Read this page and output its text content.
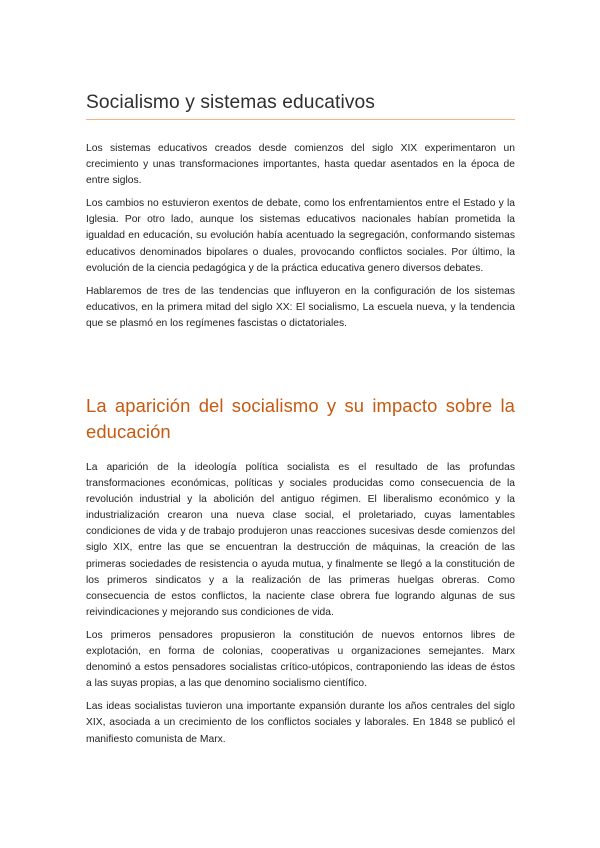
Socialismo y sistemas educativos

Los sistemas educativos creados desde comienzos del siglo XIX experimentaron un crecimiento y unas transformaciones importantes, hasta quedar asentados en la época de entre siglos.

Los cambios no estuvieron exentos de debate, como los enfrentamientos entre el Estado y la Iglesia. Por otro lado, aunque los sistemas educativos nacionales habían prometida la igualdad en educación, su evolución había acentuado la segregación, conformando sistemas educativos denominados bipolares o duales, provocando conflictos sociales. Por último, la evolución de la ciencia pedagógica y de la práctica educativa genero diversos debates.

Hablaremos de tres de las tendencias que influyeron en la configuración de los sistemas educativos, en la primera mitad del siglo XX: El socialismo, La escuela nueva, y la tendencia que se plasmó en los regímenes fascistas o dictatoriales.

La aparición del socialismo y su impacto sobre la educación

La aparición de la ideología política socialista es el resultado de las profundas transformaciones económicas, políticas y sociales producidas como consecuencia de la revolución industrial y la abolición del antiguo régimen. El liberalismo económico y la industrialización crearon una nueva clase social, el proletariado, cuyas lamentables condiciones de vida y de trabajo produjeron unas reacciones sucesivas desde comienzos del siglo XIX, entre las que se encuentran la destrucción de máquinas, la creación de las primeras sociedades de resistencia o ayuda mutua, y finalmente se llegó a la constitución de los primeros sindicatos y a la realización de las primeras huelgas obreras. Como consecuencia de estos conflictos, la naciente clase obrera fue logrando algunas de sus reivindicaciones y mejorando sus condiciones de vida.

Los primeros pensadores propusieron la constitución de nuevos entornos libres de explotación, en forma de colonias, cooperativas u organizaciones semejantes. Marx denominó a estos pensadores socialistas crítico-utópicos, contraponiendo las ideas de éstos a las suyas propias, a las que denomino socialismo científico.

Las ideas socialistas tuvieron una importante expansión durante los años centrales del siglo XIX, asociada a un crecimiento de los conflictos sociales y laborales. En 1848 se publicó el manifiesto comunista de Marx.
